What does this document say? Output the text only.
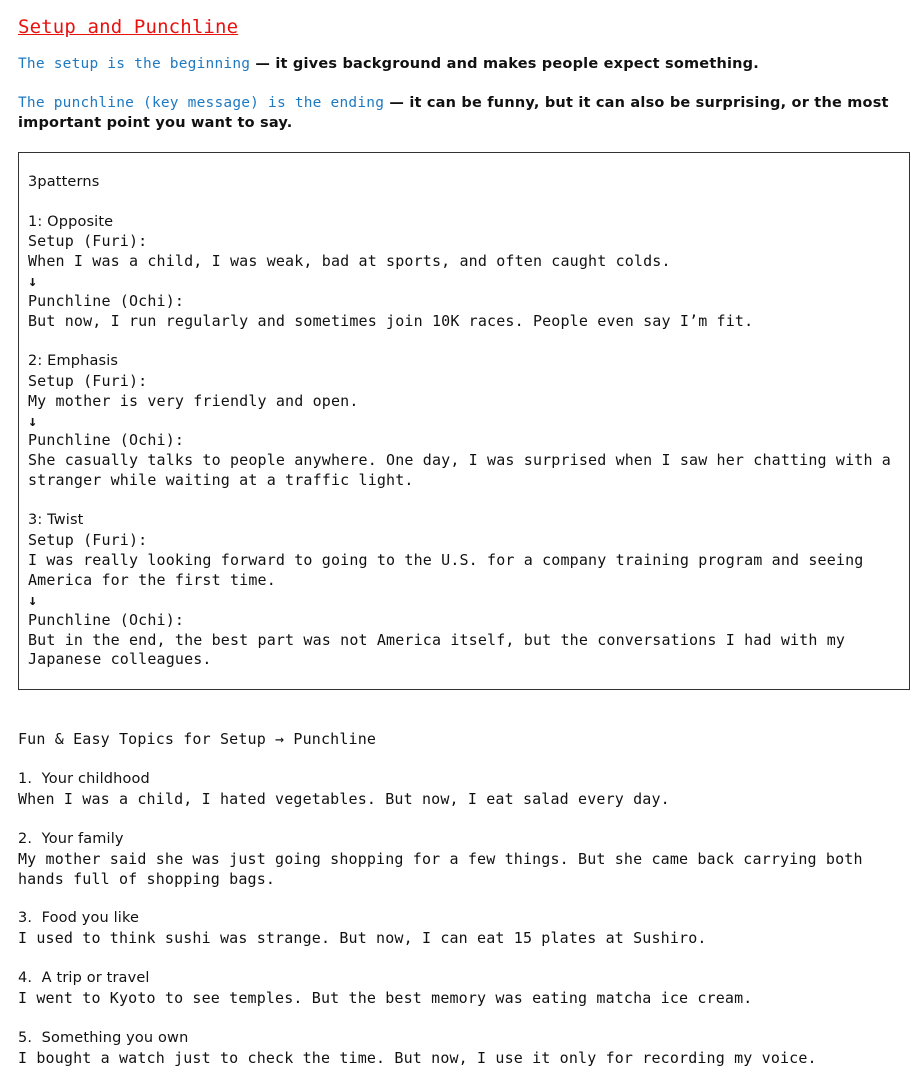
Setup and Punchline

The setup is the beginning — it gives background and makes people expect something.

The punchline (key message) is the ending — it can be funny, but it can also be surprising, or the most important point you want to say.

3patterns
1: Opposite
Setup (Furi):
When I was a child, I was weak, bad at sports, and often caught colds.
↓
Punchline (Ochi):
But now, I run regularly and sometimes join 10K races. People even say I’m fit.
2: Emphasis
Setup (Furi):
My mother is very friendly and open.
↓
Punchline (Ochi):
She casually talks to people anywhere. One day, I was surprised when I saw her chatting with a stranger while waiting at a traffic light.
3: Twist
Setup (Furi):
I was really looking forward to going to the U.S. for a company training program and seeing America for the first time.
↓
Punchline (Ochi):
But in the end, the best part was not America itself, but the conversations I had with my Japanese colleagues.
Fun & Easy Topics for Setup → Punchline
1.  Your childhood
When I was a child, I hated vegetables. But now, I eat salad every day.
2.  Your family
My mother said she was just going shopping for a few things. But she came back carrying both hands full of shopping bags.
3.  Food you like
I used to think sushi was strange. But now, I can eat 15 plates at Sushiro.
4.  A trip or travel
I went to Kyoto to see temples. But the best memory was eating matcha ice cream.
5.  Something you own
I bought a watch just to check the time. But now, I use it only for recording my voice.
